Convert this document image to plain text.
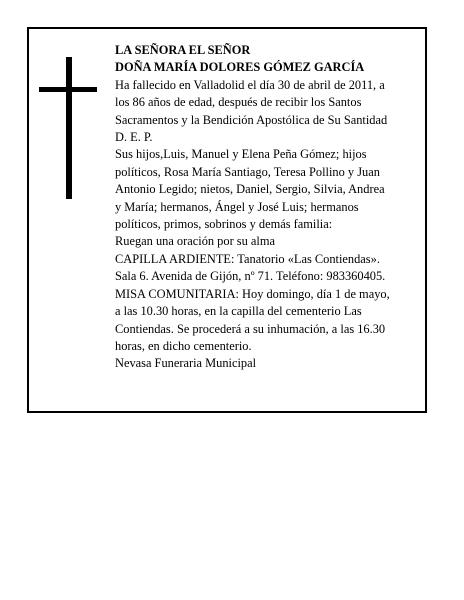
LA SEÑORA EL SEÑOR
DOÑA MARÍA DOLORES GÓMEZ GARCÍA
Ha fallecido en Valladolid el día 30 de abril de 2011, a
los 86 años de edad, después de recibir los Santos
Sacramentos y la Bendición Apostólica de Su Santidad
D. E. P.
Sus hijos,Luis, Manuel y Elena Peña Gómez; hijos
políticos, Rosa María Santiago, Teresa Pollino y Juan
Antonio Legido; nietos, Daniel, Sergio, Silvia, Andrea
y María; hermanos, Ángel y José Luis; hermanos
políticos, primos, sobrinos y demás familia:
Ruegan una oración por su alma
CAPILLA ARDIENTE: Tanatorio «Las Contiendas».
Sala 6. Avenida de Gijón, nº 71. Teléfono: 983360405.
MISA COMUNITARIA: Hoy domingo, día 1 de mayo,
a las 10.30 horas, en la capilla del cementerio Las
Contiendas. Se procederá a su inhumación, a las 16.30
horas, en dicho cementerio.
Nevasa Funeraria Municipal
